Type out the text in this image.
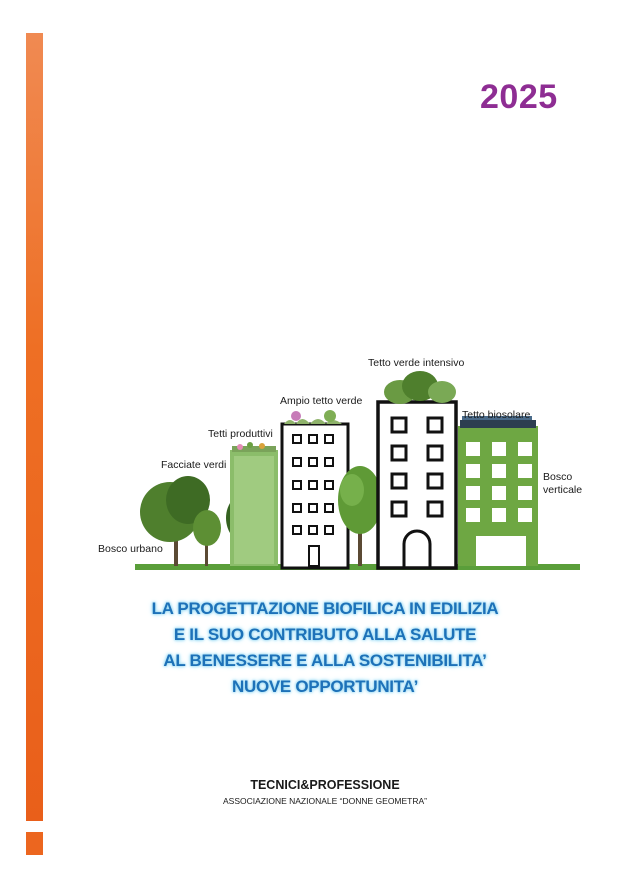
2025
Bosco urbano
Facciate verdi
Tetti produttivi
Ampio tetto verde
Tetto verde intensivo
Tetto biosolare
Bosco
verticale
LA PROGETTAZIONE BIOFILICA IN EDILIZIA
E IL SUO CONTRIBUTO ALLA SALUTE
AL BENESSERE E ALLA SOSTENIBILITA’
NUOVE OPPORTUNITA’
TECNICI&PROFESSIONE
ASSOCIAZIONE NAZIONALE “DONNE GEOMETRA”
